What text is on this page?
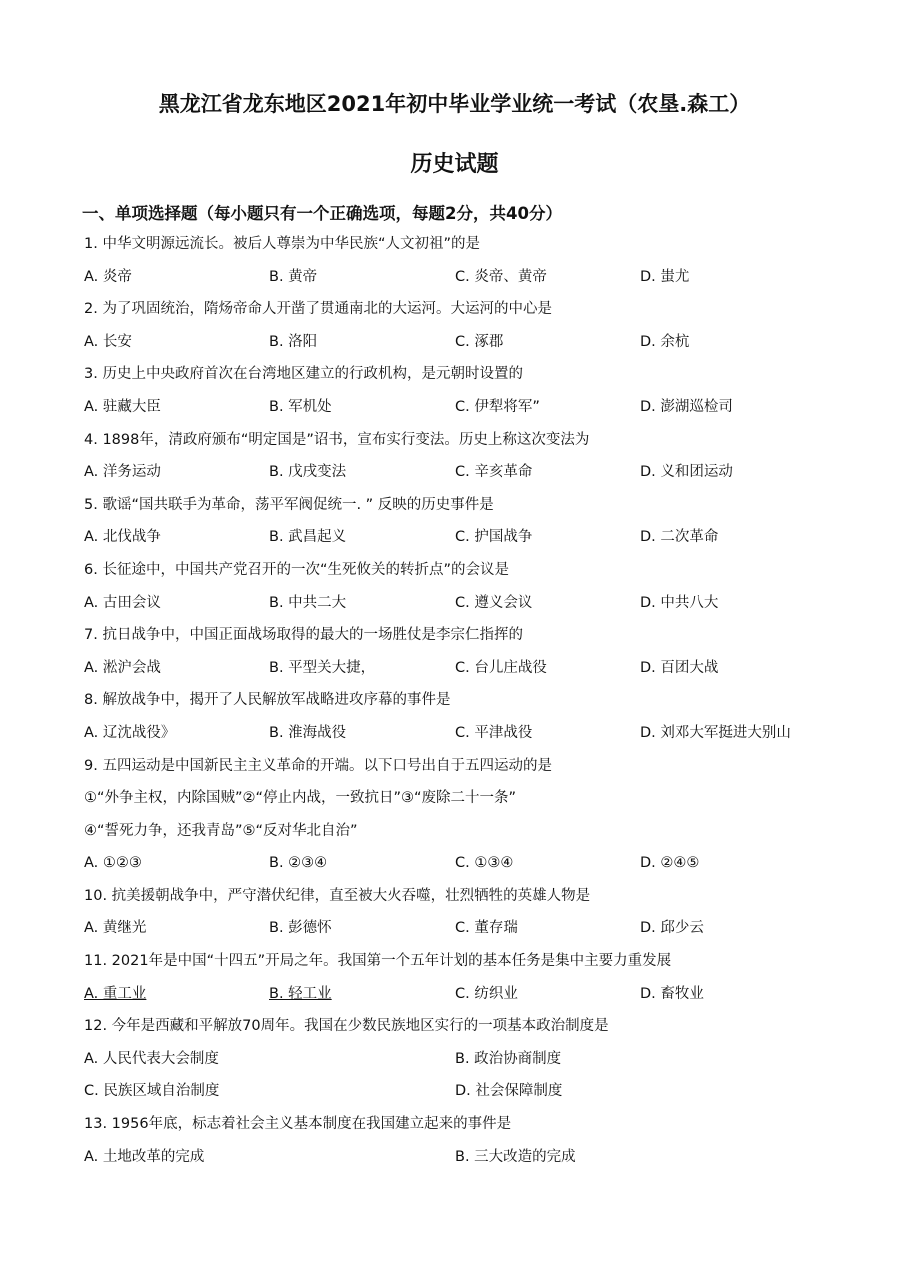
黑龙江省龙东地区2021年初中毕业学业统一考试（农垦.森工）
历史试题
一、单项选择题（每小题只有一个正确选项，每题2分，共40分）
1. 中华文明源远流长。被后人尊崇为中华民族“人文初祖”的是
A. 炎帝	B. 黄帝	C. 炎帝、黄帝	D. 蚩尤
2. 为了巩固统治，隋炀帝命人开凿了贯通南北的大运河。大运河的中心是
A. 长安	B. 洛阳	C. 涿郡	D. 余杭
3. 历史上中央政府首次在台湾地区建立的行政机构，是元朝时设置的
A. 驻藏大臣	B. 军机处	C. 伊犁将军”	D. 澎湖巡检司
4. 1898年，清政府颁布“明定国是”诏书，宣布实行变法。历史上称这次变法为
A. 洋务运动	B. 戊戌变法	C. 辛亥革命	D. 义和团运动
5. 歌谣“国共联手为革命，荡平军阀促统一. ” 反映的历史事件是
A. 北伐战争	B. 武昌起义	C. 护国战争	D. 二次革命
6. 长征途中，中国共产党召开的一次“生死攸关的转折点”的会议是
A. 古田会议	B. 中共二大	C. 遵义会议	D. 中共八大
7. 抗日战争中，中国正面战场取得的最大的一场胜仗是李宗仁指挥的
A. 淞沪会战	B. 平型关大捷，	C. 台儿庄战役	D. 百团大战
8. 解放战争中，揭开了人民解放军战略进攻序幕的事件是
A. 辽沈战役》	B. 淮海战役	C. 平津战役	D. 刘邓大军挺进大别山
9. 五四运动是中国新民主主义革命的开端。以下口号出自于五四运动的是
①“外争主权，内除国贼”②“停止内战，一致抗日”③“废除二十一条”
④“誓死力争，还我青岛”⑤“反对华北自治”
A. ①②③	B. ②③④	C. ①③④	D. ②④⑤
10. 抗美援朝战争中，严守潜伏纪律，直至被大火吞噬，壮烈牺牲的英雄人物是
A. 黄继光	B. 彭德怀	C. 董存瑞	D. 邱少云
11. 2021年是中国“十四五”开局之年。我国第一个五年计划的基本任务是集中主要力重发展
A. 重工业	B. 轻工业	C. 纺织业	D. 畜牧业
12. 今年是西藏和平解放70周年。我国在少数民族地区实行的一项基本政治制度是
A. 人民代表大会制度	B. 政治协商制度
C. 民族区域自治制度	D. 社会保障制度
13. 1956年底，标志着社会主义基本制度在我国建立起来的事件是
A. 土地改革的完成	B. 三大改造的完成
